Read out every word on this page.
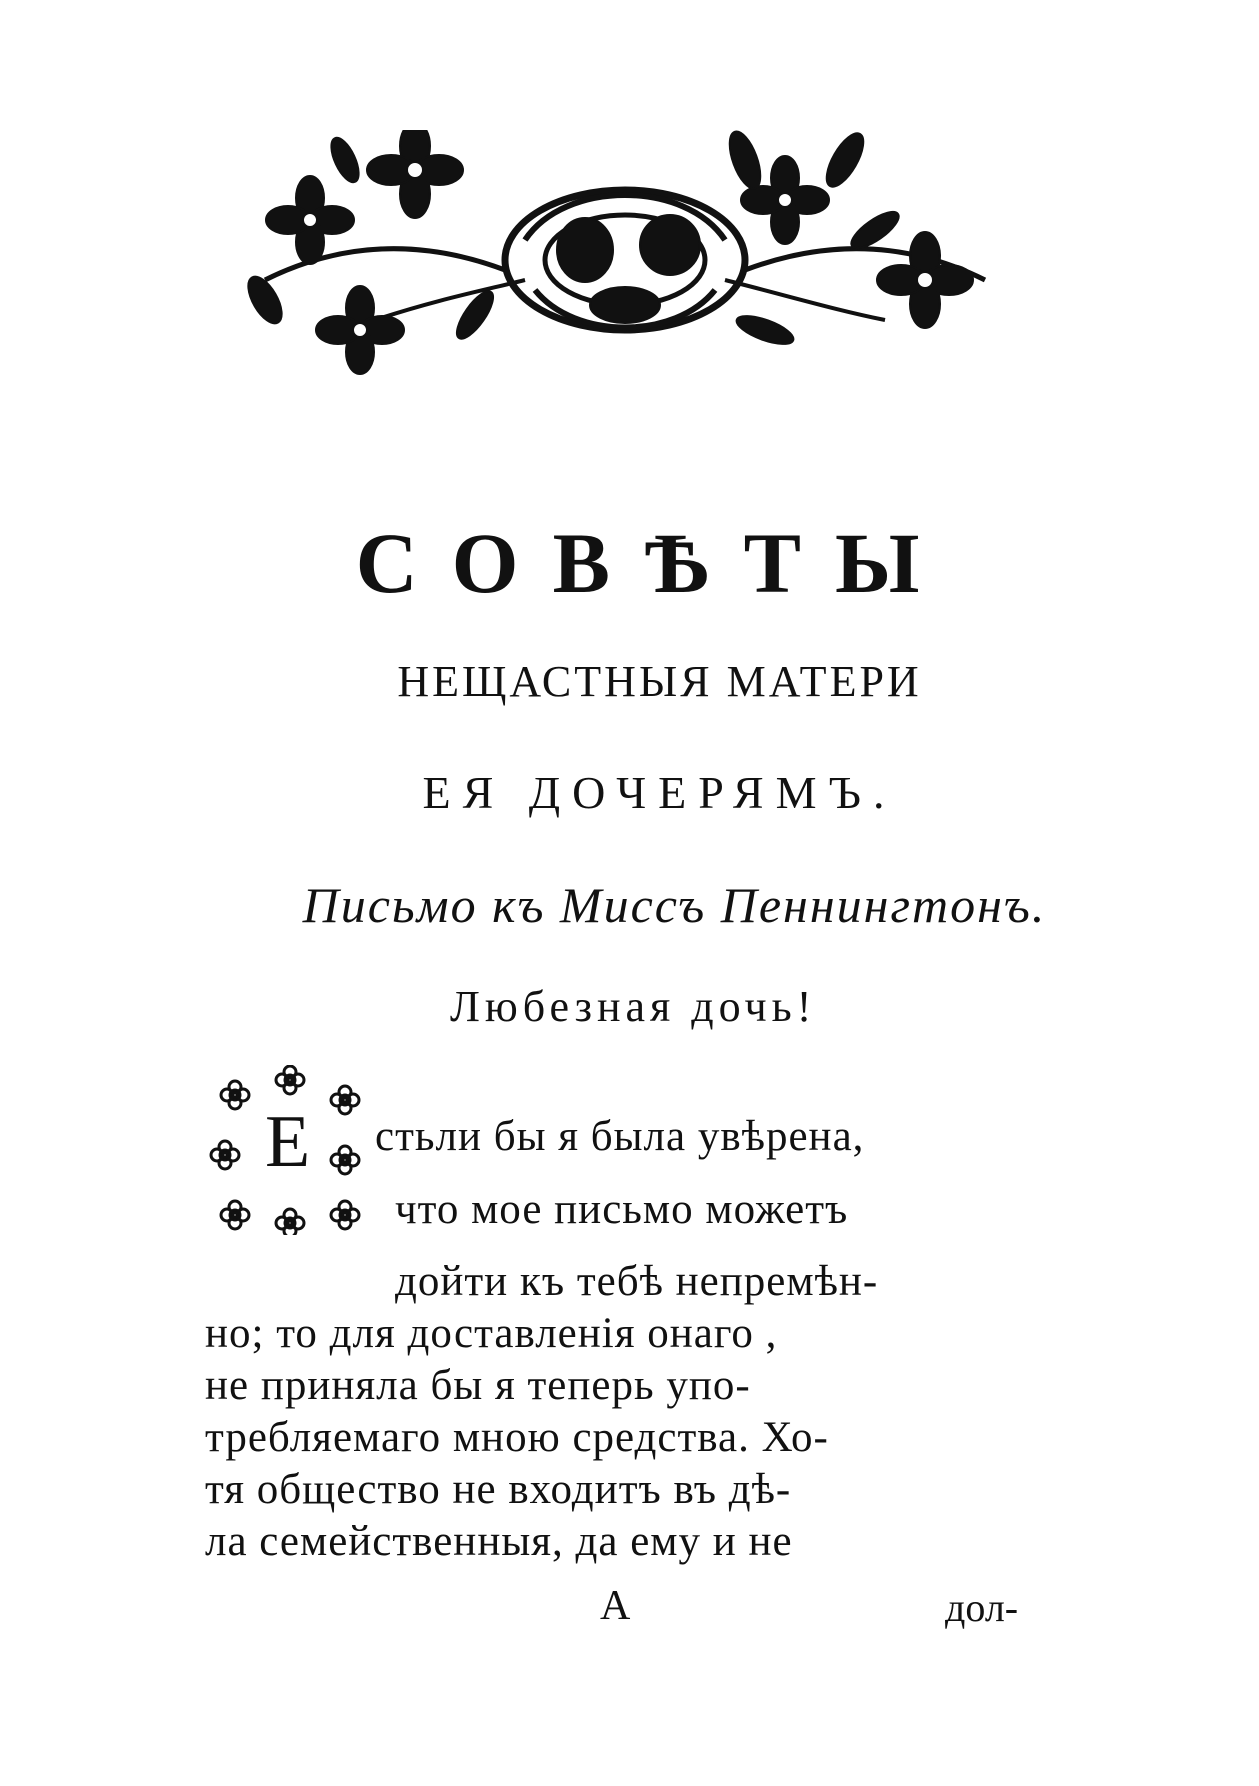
СОВѢТЫ
НЕЩАСТНЫЯ МАТЕРИ
ЕЯ ДОЧЕРЯМЪ.
Письмо къ Миссъ Пеннингтонъ.
Любезная дочь!
Е стьли бы я была увѣрена,
что мое письмо можетъ
дойти къ тебѣ непремѣн-
но; то для доставленія онаго ,
не приняла бы я теперь упо-
требляемаго мною средства. Хо-
тя общество не входитъ въ дѣ-
ла семейственныя, да ему и не
A	дол-
